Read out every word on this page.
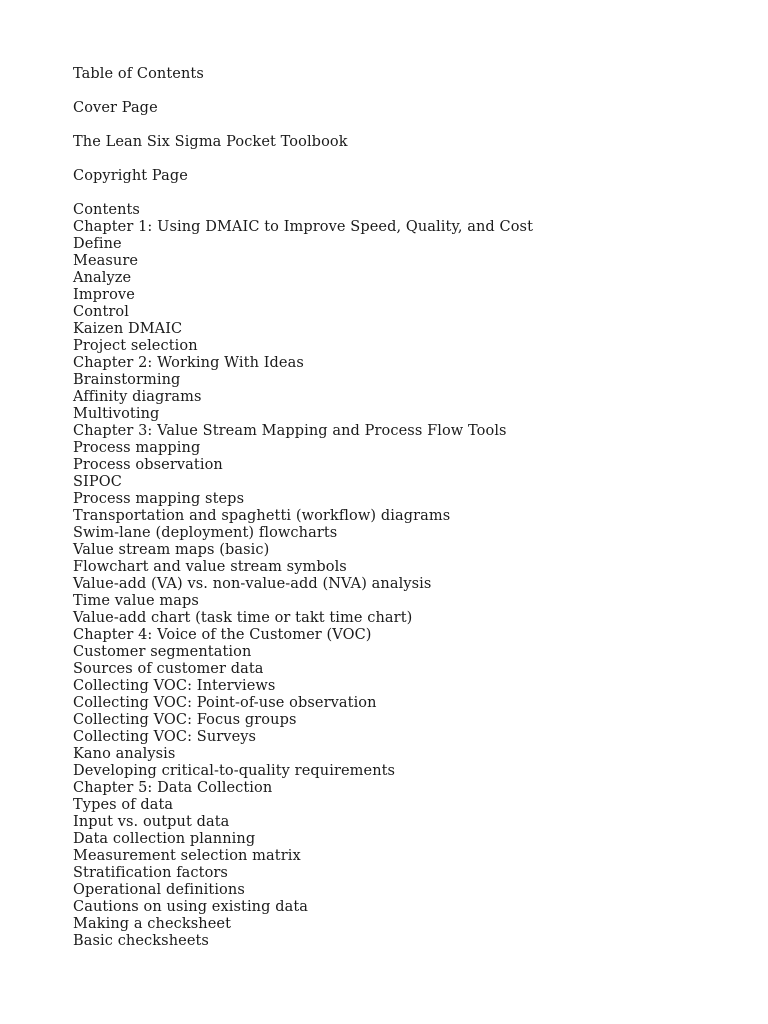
Table of Contents
Cover Page
The Lean Six Sigma Pocket Toolbook
Copyright Page
Contents
Chapter 1: Using DMAIC to Improve Speed, Quality, and Cost
Define
Measure
Analyze
Improve
Control
Kaizen DMAIC
Project selection
Chapter 2: Working With Ideas
Brainstorming
Affinity diagrams
Multivoting
Chapter 3: Value Stream Mapping and Process Flow Tools
Process mapping
Process observation
SIPOC
Process mapping steps
Transportation and spaghetti (workflow) diagrams
Swim-lane (deployment) flowcharts
Value stream maps (basic)
Flowchart and value stream symbols
Value-add (VA) vs. non-value-add (NVA) analysis
Time value maps
Value-add chart (task time or takt time chart)
Chapter 4: Voice of the Customer (VOC)
Customer segmentation
Sources of customer data
Collecting VOC: Interviews
Collecting VOC: Point-of-use observation
Collecting VOC: Focus groups
Collecting VOC: Surveys
Kano analysis
Developing critical-to-quality requirements
Chapter 5: Data Collection
Types of data
Input vs. output data
Data collection planning
Measurement selection matrix
Stratification factors
Operational definitions
Cautions on using existing data
Making a checksheet
Basic checksheets
